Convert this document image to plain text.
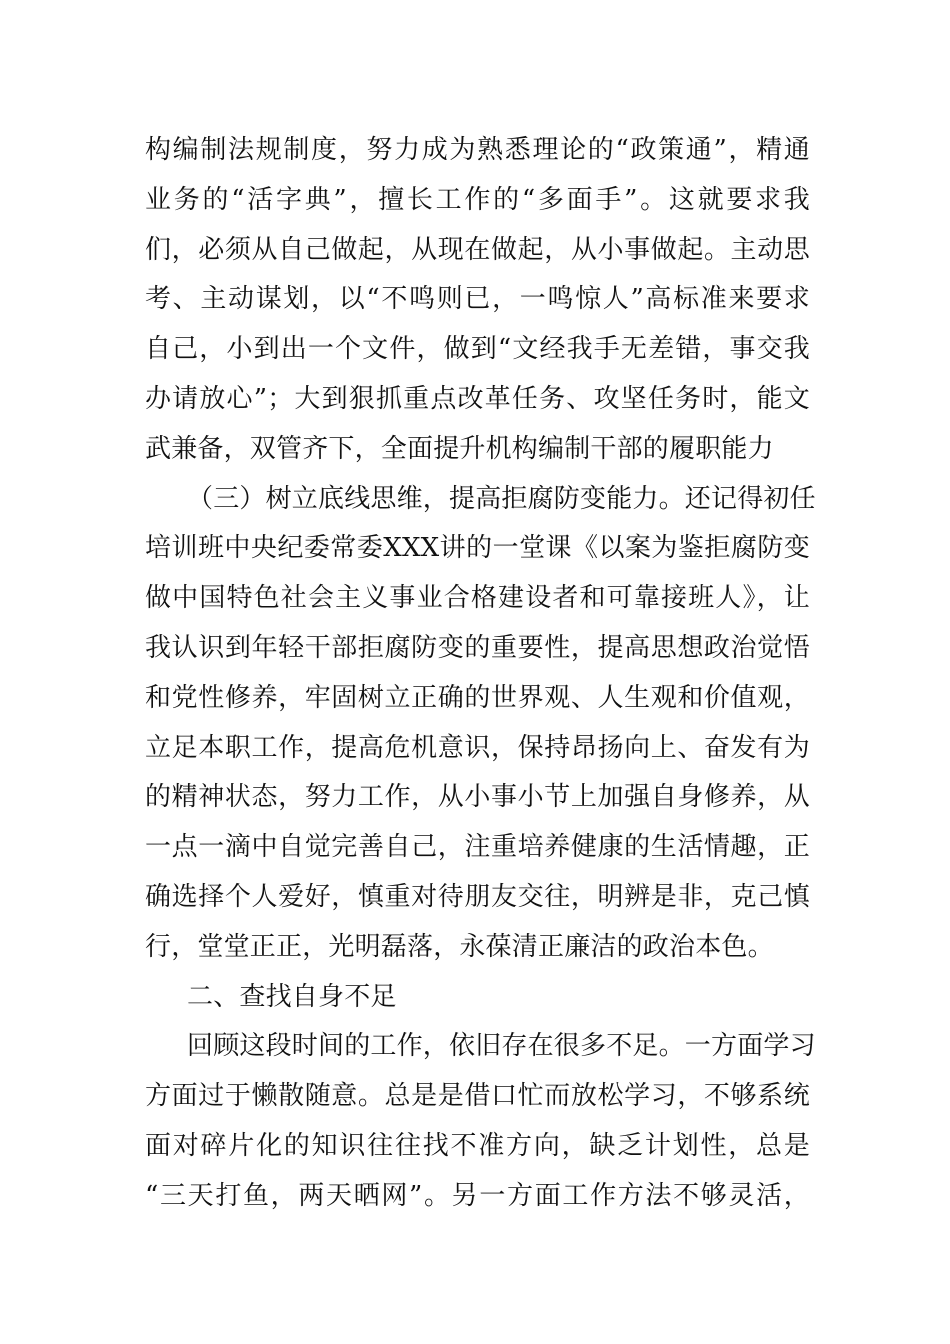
构编制法规制度，努力成为熟悉理论的“政策通”，精通
业务的“活字典”，擅长工作的“多面手”。这就要求我
们，必须从自己做起，从现在做起，从小事做起。主动思
考、主动谋划，以“不鸣则已，一鸣惊人”高标准来要求
自己，小到出一个文件，做到“文经我手无差错，事交我
办请放心”；大到狠抓重点改革任务、攻坚任务时，能文
武兼备，双管齐下，全面提升机构编制干部的履职能力
（三）树立底线思维，提高拒腐防变能力。还记得初任
培训班中央纪委常委XXX讲的一堂课《以案为鉴拒腐防变
做中国特色社会主义事业合格建设者和可靠接班人》，让
我认识到年轻干部拒腐防变的重要性，提高思想政治觉悟
和党性修养，牢固树立正确的世界观、人生观和价值观，
立足本职工作，提高危机意识，保持昂扬向上、奋发有为
的精神状态，努力工作，从小事小节上加强自身修养，从
一点一滴中自觉完善自己，注重培养健康的生活情趣，正
确选择个人爱好，慎重对待朋友交往，明辨是非，克己慎
行，堂堂正正，光明磊落，永葆清正廉洁的政治本色。
二、查找自身不足
回顾这段时间的工作，依旧存在很多不足。一方面学习
方面过于懒散随意。总是是借口忙而放松学习，不够系统
面对碎片化的知识往往找不准方向，缺乏计划性，总是
“三天打鱼，两天晒网”。另一方面工作方法不够灵活，
